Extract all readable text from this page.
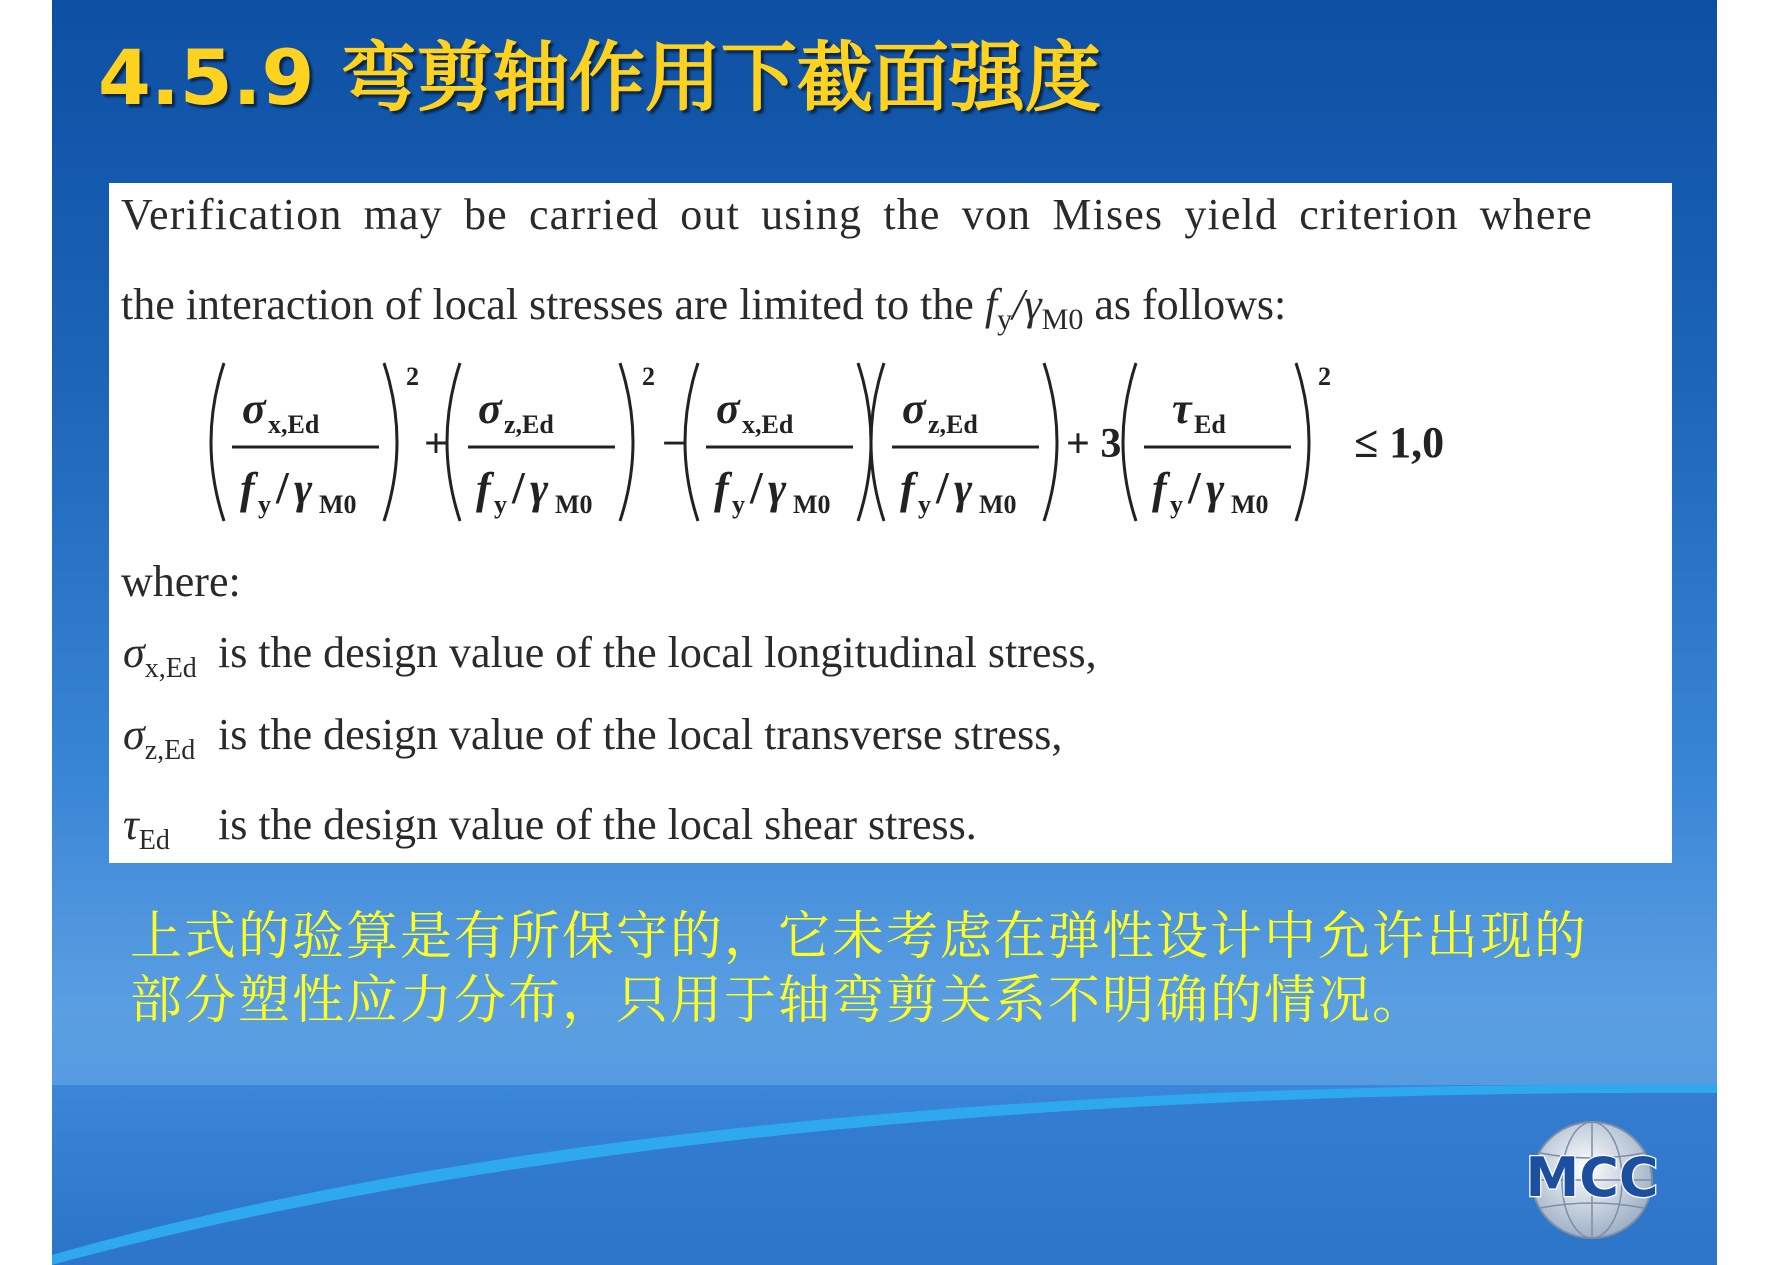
4.5.9 弯剪轴作用下截面强度
Verification may be carried out using the von Mises yield criterion where
the interaction of local stresses are limited to the $f_y/\gamma_{M0}$ as follows:
σ x,Ed
f y / γ M0
2
+
σ z,Ed
f y / γ M0
2
−
σ x,Ed
f y / γ M0
σ z,Ed
f y / γ M0
+ 3
τ Ed
f y / γ M0
2
≤ 1,0
where:
$\sigma_{x,Ed}$ is the design value of the local longitudinal stress,
$\sigma_{z,Ed}$ is the design value of the local transverse stress,
$\tau_{Ed}$ is the design value of the local shear stress.

上式的验算是有所保守的，它未考虑在弹性设计中允许出现的
部分塑性应力分布，只用于轴弯剪关系不明确的情况。

MCC
